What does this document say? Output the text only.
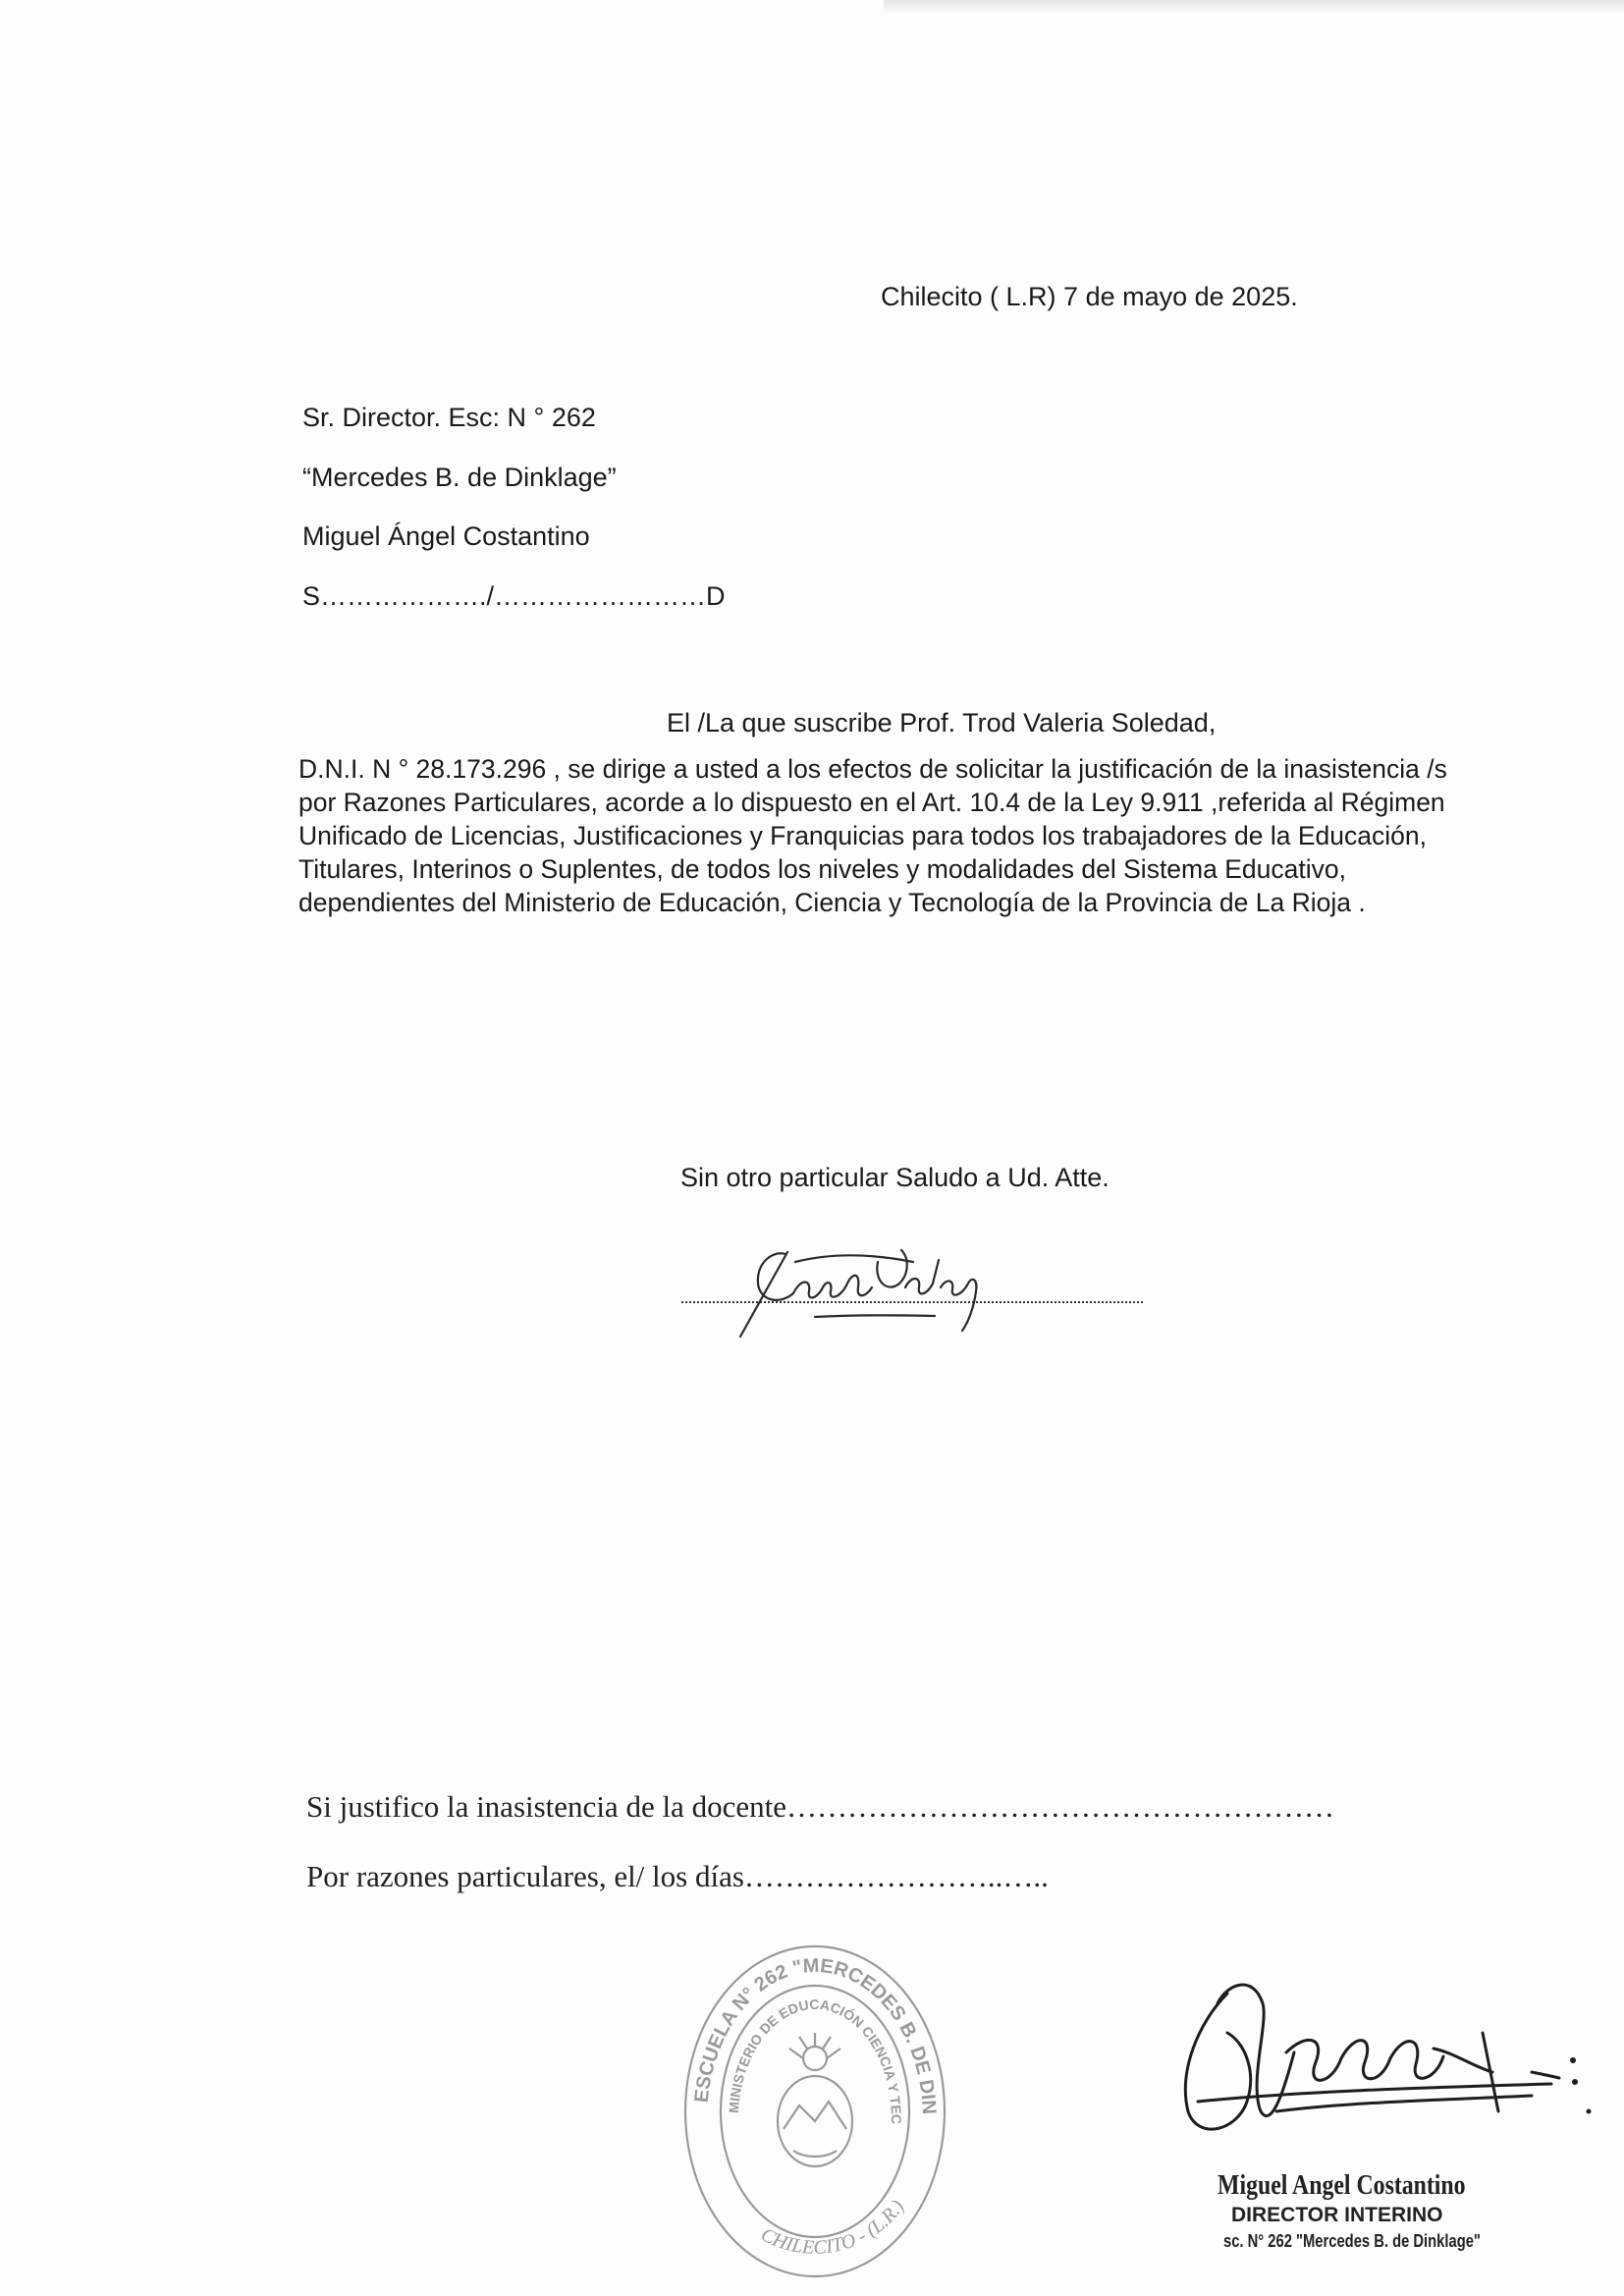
Chilecito ( L.R) 7 de mayo de 2025.
Sr. Director. Esc: N ° 262
“Mercedes B. de Dinklage”
Miguel Ángel Costantino
S………………./……………………D
El /La que suscribe Prof. Trod Valeria Soledad,
D.N.I. N ° 28.173.296 , se dirige a usted a los efectos de solicitar la justificación de la inasistencia /s
por Razones Particulares, acorde a lo dispuesto en el Art. 10.4 de la Ley 9.911 ,referida al Régimen
Unificado de Licencias, Justificaciones y Franquicias para todos los trabajadores de la Educación,
Titulares, Interinos o Suplentes, de todos los niveles y modalidades del Sistema Educativo,
dependientes del Ministerio de Educación, Ciencia y Tecnología de la Provincia de La Rioja .
Sin otro particular Saludo a Ud. Atte.
Si justifico la inasistencia de la docente………………………………………………
Por razones particulares, el/ los días……………………..…..
ESCUELA N° 262 "MERCEDES B. DE DIN
MINISTERIO DE EDUCACIÓN CIENCIA Y TEC
CHILECITO - (L.R.)
Miguel Angel Costantino
DIRECTOR INTERINO
sc. N° 262 "Mercedes B. de Dinklage"
